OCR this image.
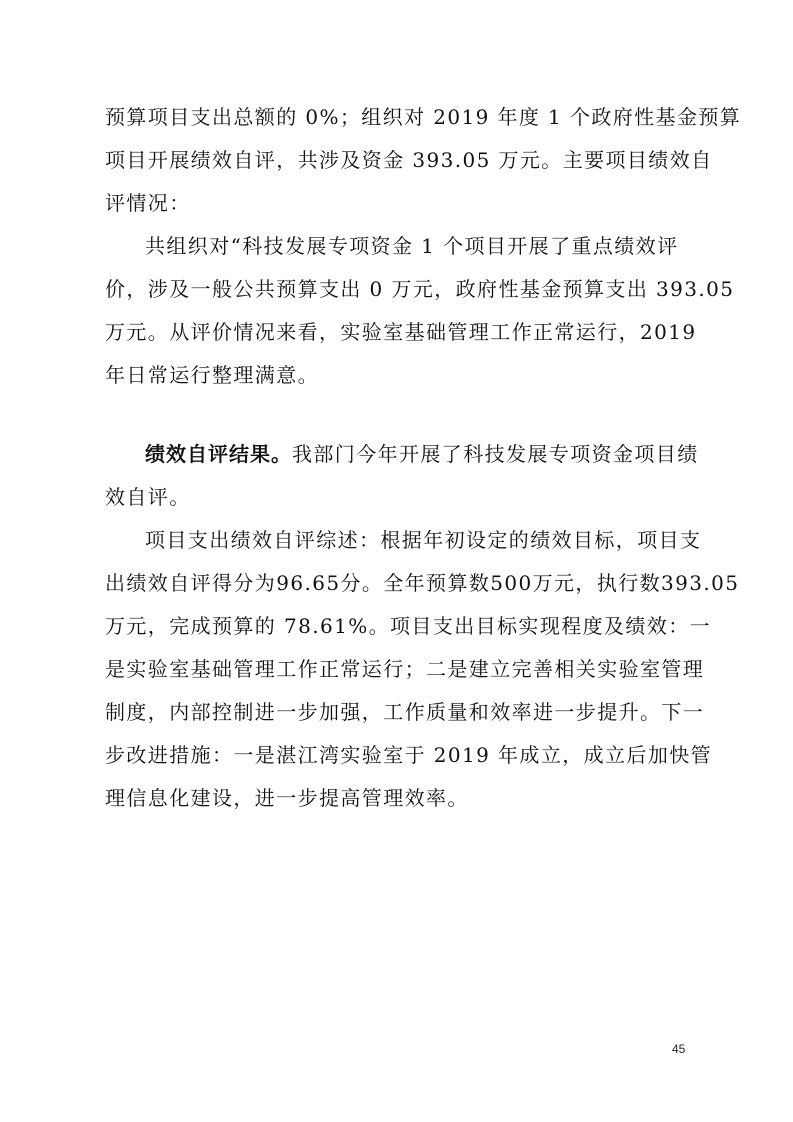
预算项目支出总额的 0%；组织对 2019 年度 1 个政府性基金预算
项目开展绩效自评，共涉及资金 393.05 万元。主要项目绩效自
评情况：
共组织对“科技发展专项资金 1 个项目开展了重点绩效评
价，涉及一般公共预算支出 0 万元，政府性基金预算支出 393.05
万元。从评价情况来看，实验室基础管理工作正常运行，2019
年日常运行整理满意。
绩效自评结果。我部门今年开展了科技发展专项资金项目绩
效自评。
项目支出绩效自评综述：根据年初设定的绩效目标，项目支
出绩效自评得分为96.65分。全年预算数500万元，执行数393.05
万元，完成预算的 78.61%。项目支出目标实现程度及绩效：一
是实验室基础管理工作正常运行；二是建立完善相关实验室管理
制度，内部控制进一步加强，工作质量和效率进一步提升。下一
步改进措施：一是湛江湾实验室于 2019 年成立，成立后加快管
理信息化建设，进一步提高管理效率。
45
